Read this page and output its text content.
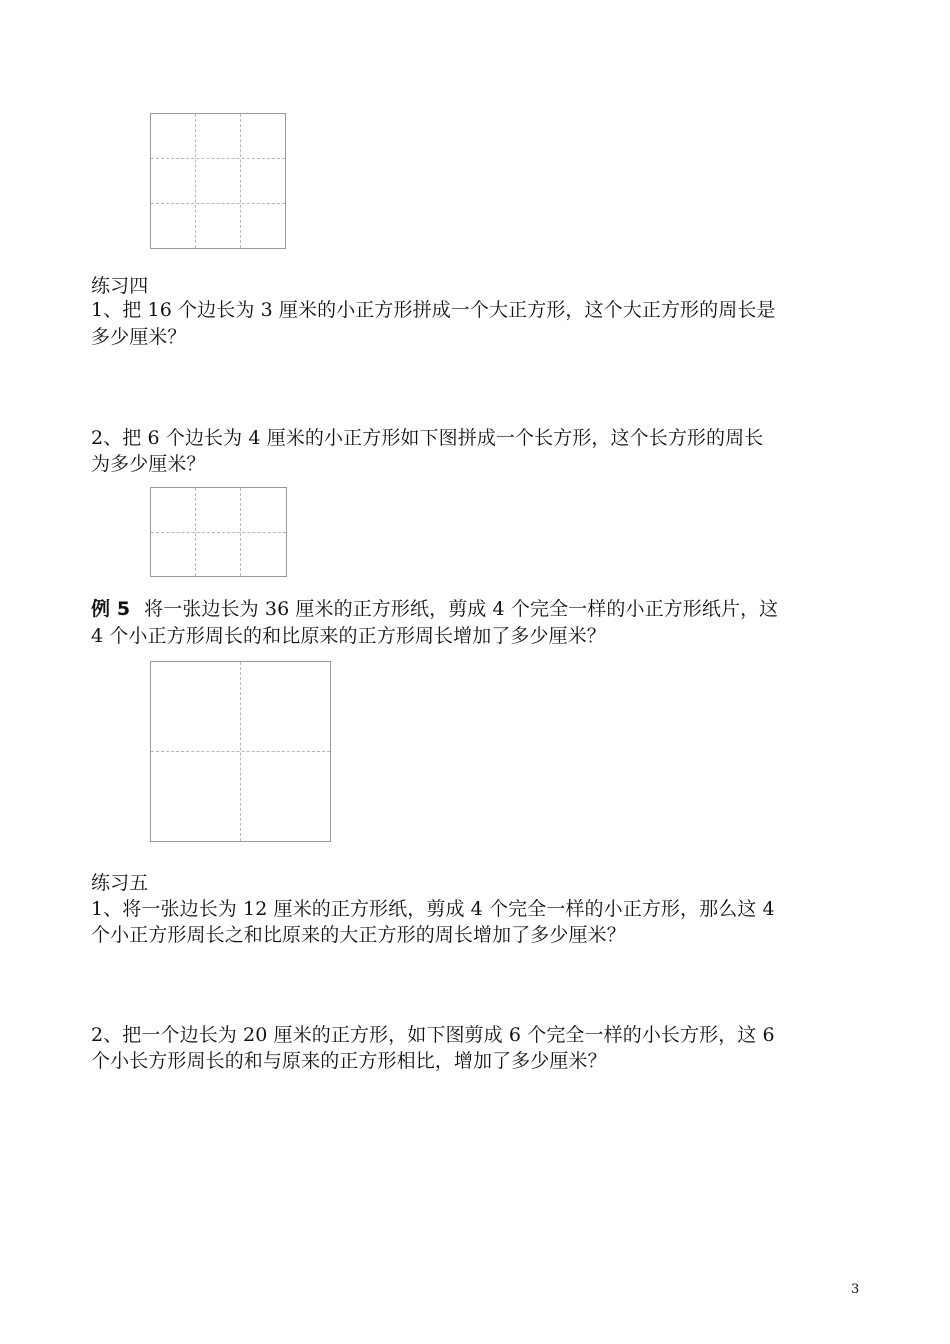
练习四
1、把 16 个边长为 3 厘米的小正方形拼成一个大正方形，这个大正方形的周长是
多少厘米？
2、把 6 个边长为 4 厘米的小正方形如下图拼成一个长方形，这个长方形的周长
为多少厘米？
例 5 将一张边长为 36 厘米的正方形纸，剪成 4 个完全一样的小正方形纸片，这
4 个小正方形周长的和比原来的正方形周长增加了多少厘米？
练习五
1、将一张边长为 12 厘米的正方形纸，剪成 4 个完全一样的小正方形，那么这 4
个小正方形周长之和比原来的大正方形的周长增加了多少厘米？
2、把一个边长为 20 厘米的正方形，如下图剪成 6 个完全一样的小长方形，这 6
个小长方形周长的和与原来的正方形相比，增加了多少厘米？
3
